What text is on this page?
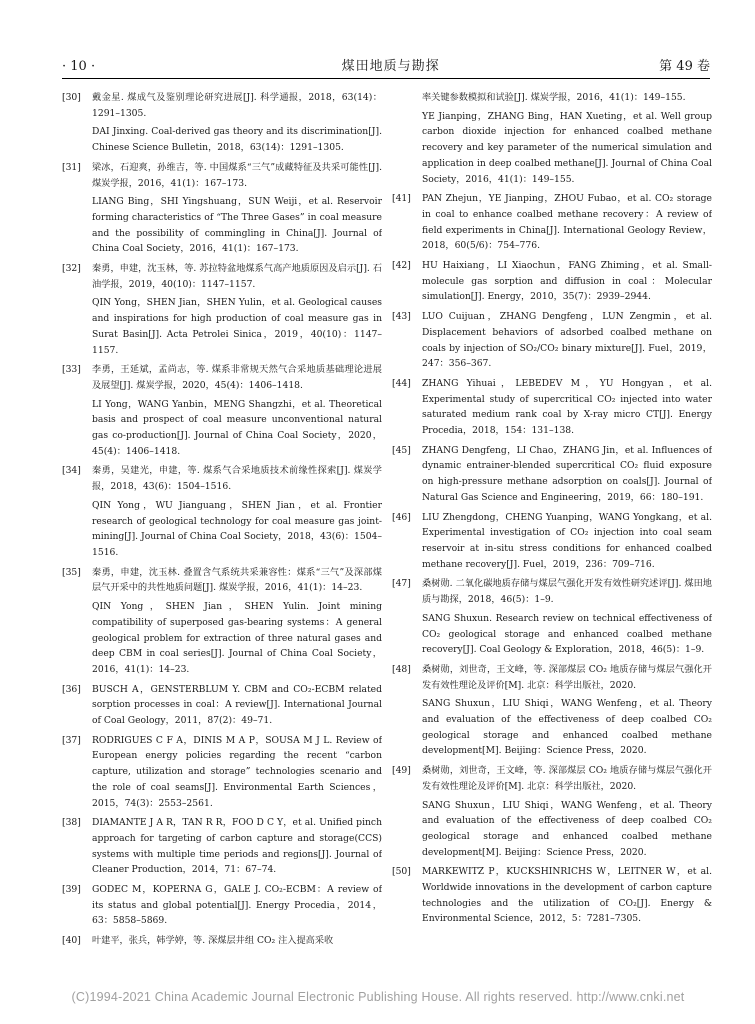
· 10 ·	煤田地质与勘探	第 49 卷
[30]	戴金星. 煤成气及鉴别理论研究进展[J]. 科学通报，2018，63(14)：1291–1305.

DAI Jinxing. Coal-derived gas theory and its discrimination[J]. Chinese Science Bulletin，2018，63(14)：1291–1305.

[31]	梁冰，石迎爽，孙维吉，等. 中国煤系“三气”成藏特征及共采可能性[J]. 煤炭学报，2016，41(1)：167–173.

LIANG Bing，SHI Yingshuang，SUN Weiji，et al. Reservoir forming characteristics of “The Three Gases” in coal measure and the possibility of commingling in China[J]. Journal of China Coal Society，2016，41(1)：167–173.

[32]	秦勇，申建，沈玉林，等. 苏拉特盆地煤系气高产地质原因及启示[J]. 石油学报，2019，40(10)：1147–1157.

QIN Yong，SHEN Jian，SHEN Yulin，et al. Geological causes and inspirations for high production of coal measure gas in Surat Basin[J]. Acta Petrolei Sinica，2019，40(10)：1147–1157.

[33]	李勇，王延斌，孟尚志，等. 煤系非常规天然气合采地质基础理论进展及展望[J]. 煤炭学报，2020，45(4)：1406–1418.

LI Yong，WANG Yanbin，MENG Shangzhi，et al. Theoretical basis and prospect of coal measure unconventional natural gas co-production[J]. Journal of China Coal Society，2020，45(4)：1406–1418.

[34]	秦勇，吴建光，申建，等. 煤系气合采地质技术前缘性探索[J]. 煤炭学报，2018，43(6)：1504–1516.

QIN Yong，WU Jianguang，SHEN Jian，et al. Frontier research of geological technology for coal measure gas joint-mining[J]. Journal of China Coal Society，2018，43(6)：1504–1516.

[35]	秦勇，申建，沈玉林. 叠置含气系统共采兼容性：煤系“三气”及深部煤层气开采中的共性地质问题[J]. 煤炭学报，2016，41(1)：14–23.

QIN Yong，SHEN Jian，SHEN Yulin. Joint mining compatibility of superposed gas-bearing systems：A general geological problem for extraction of three natural gases and deep CBM in coal series[J]. Journal of China Coal Society，2016，41(1)：14–23.

[36]	BUSCH A，GENSTERBLUM Y. CBM and CO₂-ECBM related sorption processes in coal：A review[J]. International Journal of Coal Geology，2011，87(2)：49–71.

[37]	RODRIGUES C F A，DINIS M A P，SOUSA M J L. Review of European energy policies regarding the recent “carbon capture, utilization and storage” technologies scenario and the role of coal seams[J]. Environmental Earth Sciences，2015，74(3)：2553–2561.

[38]	DIAMANTE J A R，TAN R R，FOO D C Y，et al. Unified pinch approach for targeting of carbon capture and storage(CCS) systems with multiple time periods and regions[J]. Journal of Cleaner Production，2014，71：67–74.

[39]	GODEC M，KOPERNA G，GALE J. CO₂-ECBM：A review of its status and global potential[J]. Energy Procedia，2014，63：5858–5869.

[40]	叶建平，张兵，韩学婷，等. 深煤层井组 CO₂ 注入提高采收

率关键参数模拟和试验[J]. 煤炭学报，2016，41(1)：149–155.

YE Jianping，ZHANG Bing，HAN Xueting，et al. Well group carbon dioxide injection for enhanced coalbed methane recovery and key parameter of the numerical simulation and application in deep coalbed methane[J]. Journal of China Coal Society，2016，41(1)：149–155.

[41]	PAN Zhejun，YE Jianping，ZHOU Fubao，et al. CO₂ storage in coal to enhance coalbed methane recovery：A review of field experiments in China[J]. International Geology Review，2018，60(5/6)：754–776.

[42]	HU Haixiang，LI Xiaochun，FANG Zhiming，et al. Small-molecule gas sorption and diffusion in coal：Molecular simulation[J]. Energy，2010，35(7)：2939–2944.

[43]	LUO Cuijuan，ZHANG Dengfeng，LUN Zengmin，et al. Displacement behaviors of adsorbed coalbed methane on coals by injection of SO₂/CO₂ binary mixture[J]. Fuel，2019，247：356–367.

[44]	ZHANG Yihuai，LEBEDEV M，YU Hongyan，et al. Experimental study of supercritical CO₂ injected into water saturated medium rank coal by X-ray micro CT[J]. Energy Procedia，2018，154：131–138.

[45]	ZHANG Dengfeng，LI Chao，ZHANG Jin，et al. Influences of dynamic entrainer-blended supercritical CO₂ fluid exposure on high-pressure methane adsorption on coals[J]. Journal of Natural Gas Science and Engineering，2019，66：180–191.

[46]	LIU Zhengdong，CHENG Yuanping，WANG Yongkang，et al. Experimental investigation of CO₂ injection into coal seam reservoir at in-situ stress conditions for enhanced coalbed methane recovery[J]. Fuel，2019，236：709–716.

[47]	桑树勋. 二氧化碳地质存储与煤层气强化开发有效性研究述评[J]. 煤田地质与勘探，2018，46(5)：1–9.

SANG Shuxun. Research review on technical effectiveness of CO₂ geological storage and enhanced coalbed methane recovery[J]. Coal Geology & Exploration，2018，46(5)：1–9.

[48]	桑树勋，刘世奇，王文峰，等. 深部煤层 CO₂ 地质存储与煤层气强化开发有效性理论及评价[M]. 北京：科学出版社，2020.

SANG Shuxun，LIU Shiqi，WANG Wenfeng，et al. Theory and evaluation of the effectiveness of deep coalbed CO₂ geological storage and enhanced coalbed methane development[M]. Beijing：Science Press，2020.

[49]	桑树勋，刘世奇，王文峰，等. 深部煤层 CO₂ 地质存储与煤层气强化开发有效性理论及评价[M]. 北京：科学出版社，2020.

SANG Shuxun，LIU Shiqi，WANG Wenfeng，et al. Theory and evaluation of the effectiveness of deep coalbed CO₂ geological storage and enhanced coalbed methane development[M]. Beijing：Science Press，2020.

[50]	MARKEWITZ P，KUCKSHINRICHS W，LEITNER W，et al. Worldwide innovations in the development of carbon capture technologies and the utilization of CO₂[J]. Energy & Environmental Science，2012，5：7281–7305.

(C)1994-2021 China Academic Journal Electronic Publishing House. All rights reserved. http://www.cnki.net
